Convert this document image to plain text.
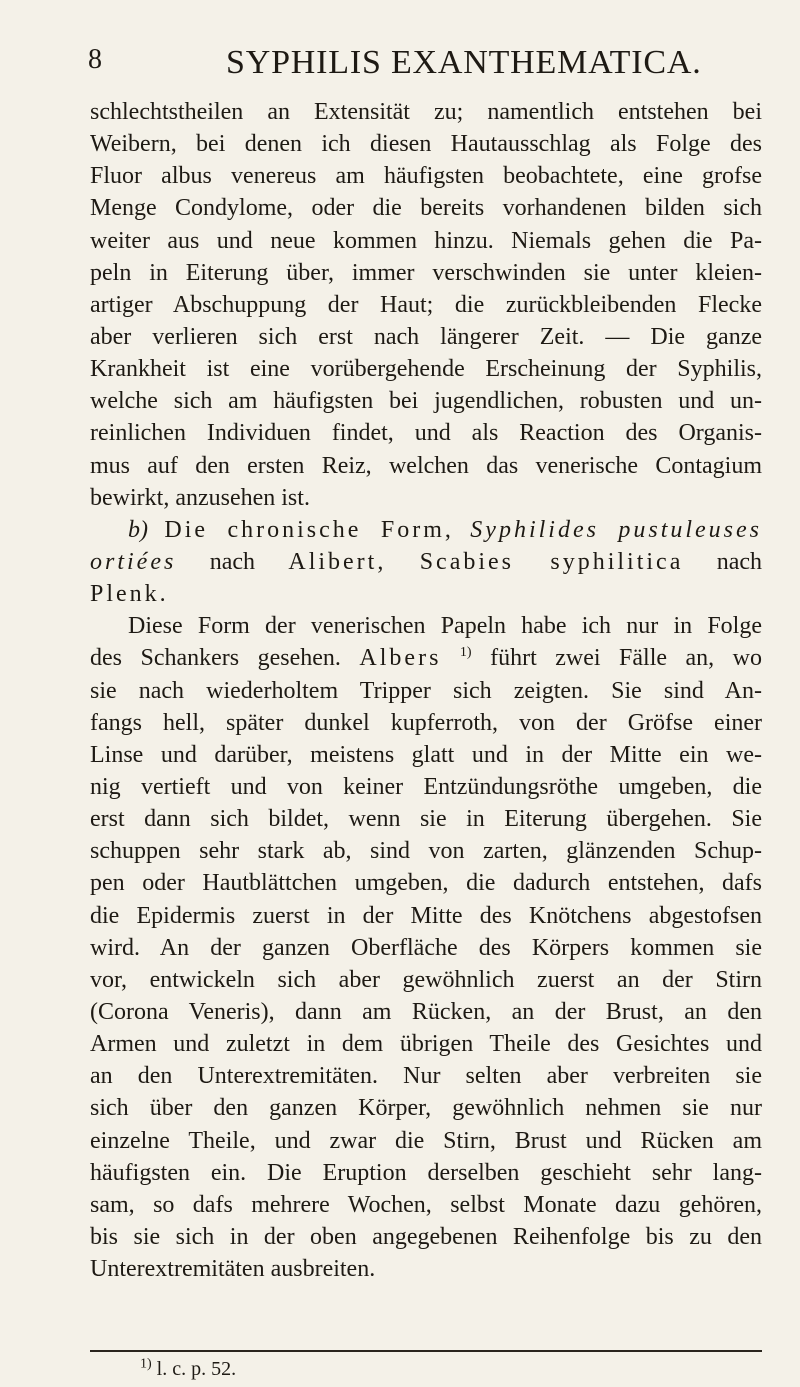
8	SYPHILIS EXANTHEMATICA.
schlechtstheilen an Extensität zu; namentlich entstehen bei
Weibern, bei denen ich diesen Hautausschlag als Folge des
Fluor albus venereus am häufigsten beobachtete, eine grofse
Menge Condylome, oder die bereits vorhandenen bilden sich
weiter aus und neue kommen hinzu. Niemals gehen die Pa-
peln in Eiterung über, immer verschwinden sie unter kleien-
artiger Abschuppung der Haut; die zurückbleibenden Flecke
aber verlieren sich erst nach längerer Zeit. — Die ganze
Krankheit ist eine vorübergehende Erscheinung der Syphilis,
welche sich am häufigsten bei jugendlichen, robusten und un-
reinlichen Individuen findet, und als Reaction des Organis-
mus auf den ersten Reiz, welchen das venerische Contagium
bewirkt, anzusehen ist.
b) Die chronische Form, Syphilides pustuleuses
ortiées nach Alibert, Scabies syphilitica nach
Plenk.
Diese Form der venerischen Papeln habe ich nur in Folge
des Schankers gesehen. Albers $^{1)}$ führt zwei Fälle an, wo
sie nach wiederholtem Tripper sich zeigten. Sie sind An-
fangs hell, später dunkel kupferroth, von der Gröfse einer
Linse und darüber, meistens glatt und in der Mitte ein we-
nig vertieft und von keiner Entzündungsröthe umgeben, die
erst dann sich bildet, wenn sie in Eiterung übergehen. Sie
schuppen sehr stark ab, sind von zarten, glänzenden Schup-
pen oder Hautblättchen umgeben, die dadurch entstehen, dafs
die Epidermis zuerst in der Mitte des Knötchens abgestofsen
wird. An der ganzen Oberfläche des Körpers kommen sie
vor, entwickeln sich aber gewöhnlich zuerst an der Stirn
(Corona Veneris), dann am Rücken, an der Brust, an den
Armen und zuletzt in dem übrigen Theile des Gesichtes und
an den Unterextremitäten. Nur selten aber verbreiten sie
sich über den ganzen Körper, gewöhnlich nehmen sie nur
einzelne Theile, und zwar die Stirn, Brust und Rücken am
häufigsten ein. Die Eruption derselben geschieht sehr lang-
sam, so dafs mehrere Wochen, selbst Monate dazu gehören,
bis sie sich in der oben angegebenen Reihenfolge bis zu den
Unterextremitäten ausbreiten.
$^{1)}$ l. c. p. 52.
